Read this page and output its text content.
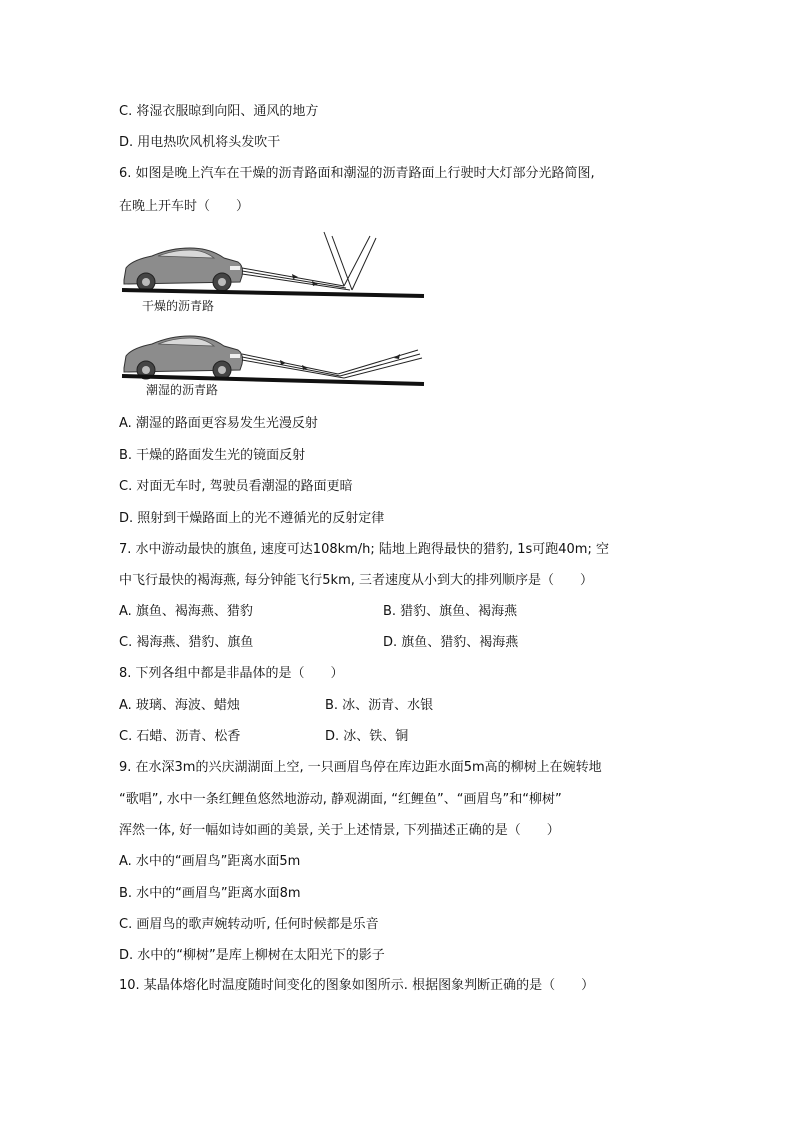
C. 将湿衣服晾到向阳、通风的地方
D. 用电热吹风机将头发吹干
6. 如图是晚上汽车在干燥的沥青路面和潮湿的沥青路面上行驶时大灯部分光路简图,
在晚上开车时（　　）
干燥的沥青路
潮湿的沥青路
A. 潮湿的路面更容易发生光漫反射
B. 干燥的路面发生光的镜面反射
C. 对面无车时, 驾驶员看潮湿的路面更暗
D. 照射到干燥路面上的光不遵循光的反射定律
7. 水中游动最快的旗鱼, 速度可达108km/h; 陆地上跑得最快的猎豹, 1s可跑40m; 空
中飞行最快的褐海燕, 每分钟能飞行5km, 三者速度从小到大的排列顺序是（　　）
A. 旗鱼、褐海燕、猎豹	B. 猎豹、旗鱼、褐海燕
C. 褐海燕、猎豹、旗鱼	D. 旗鱼、猎豹、褐海燕
8. 下列各组中都是非晶体的是（　　）
A. 玻璃、海波、蜡烛	B. 冰、沥青、水银
C. 石蜡、沥青、松香	D. 冰、铁、铜
9. 在水深3m的兴庆湖湖面上空, 一只画眉鸟停在库边距水面5m高的柳树上在婉转地
“歌唱”, 水中一条红鲤鱼悠然地游动, 静观湖面, “红鲤鱼”、“画眉鸟”和“柳树”
浑然一体, 好一幅如诗如画的美景, 关于上述情景, 下列描述正确的是（　　）
A. 水中的“画眉鸟”距离水面5m
B. 水中的“画眉鸟”距离水面8m
C. 画眉鸟的歌声婉转动听, 任何时候都是乐音
D. 水中的“柳树”是库上柳树在太阳光下的影子
10. 某晶体熔化时温度随时间变化的图象如图所示. 根据图象判断正确的是（　　）
